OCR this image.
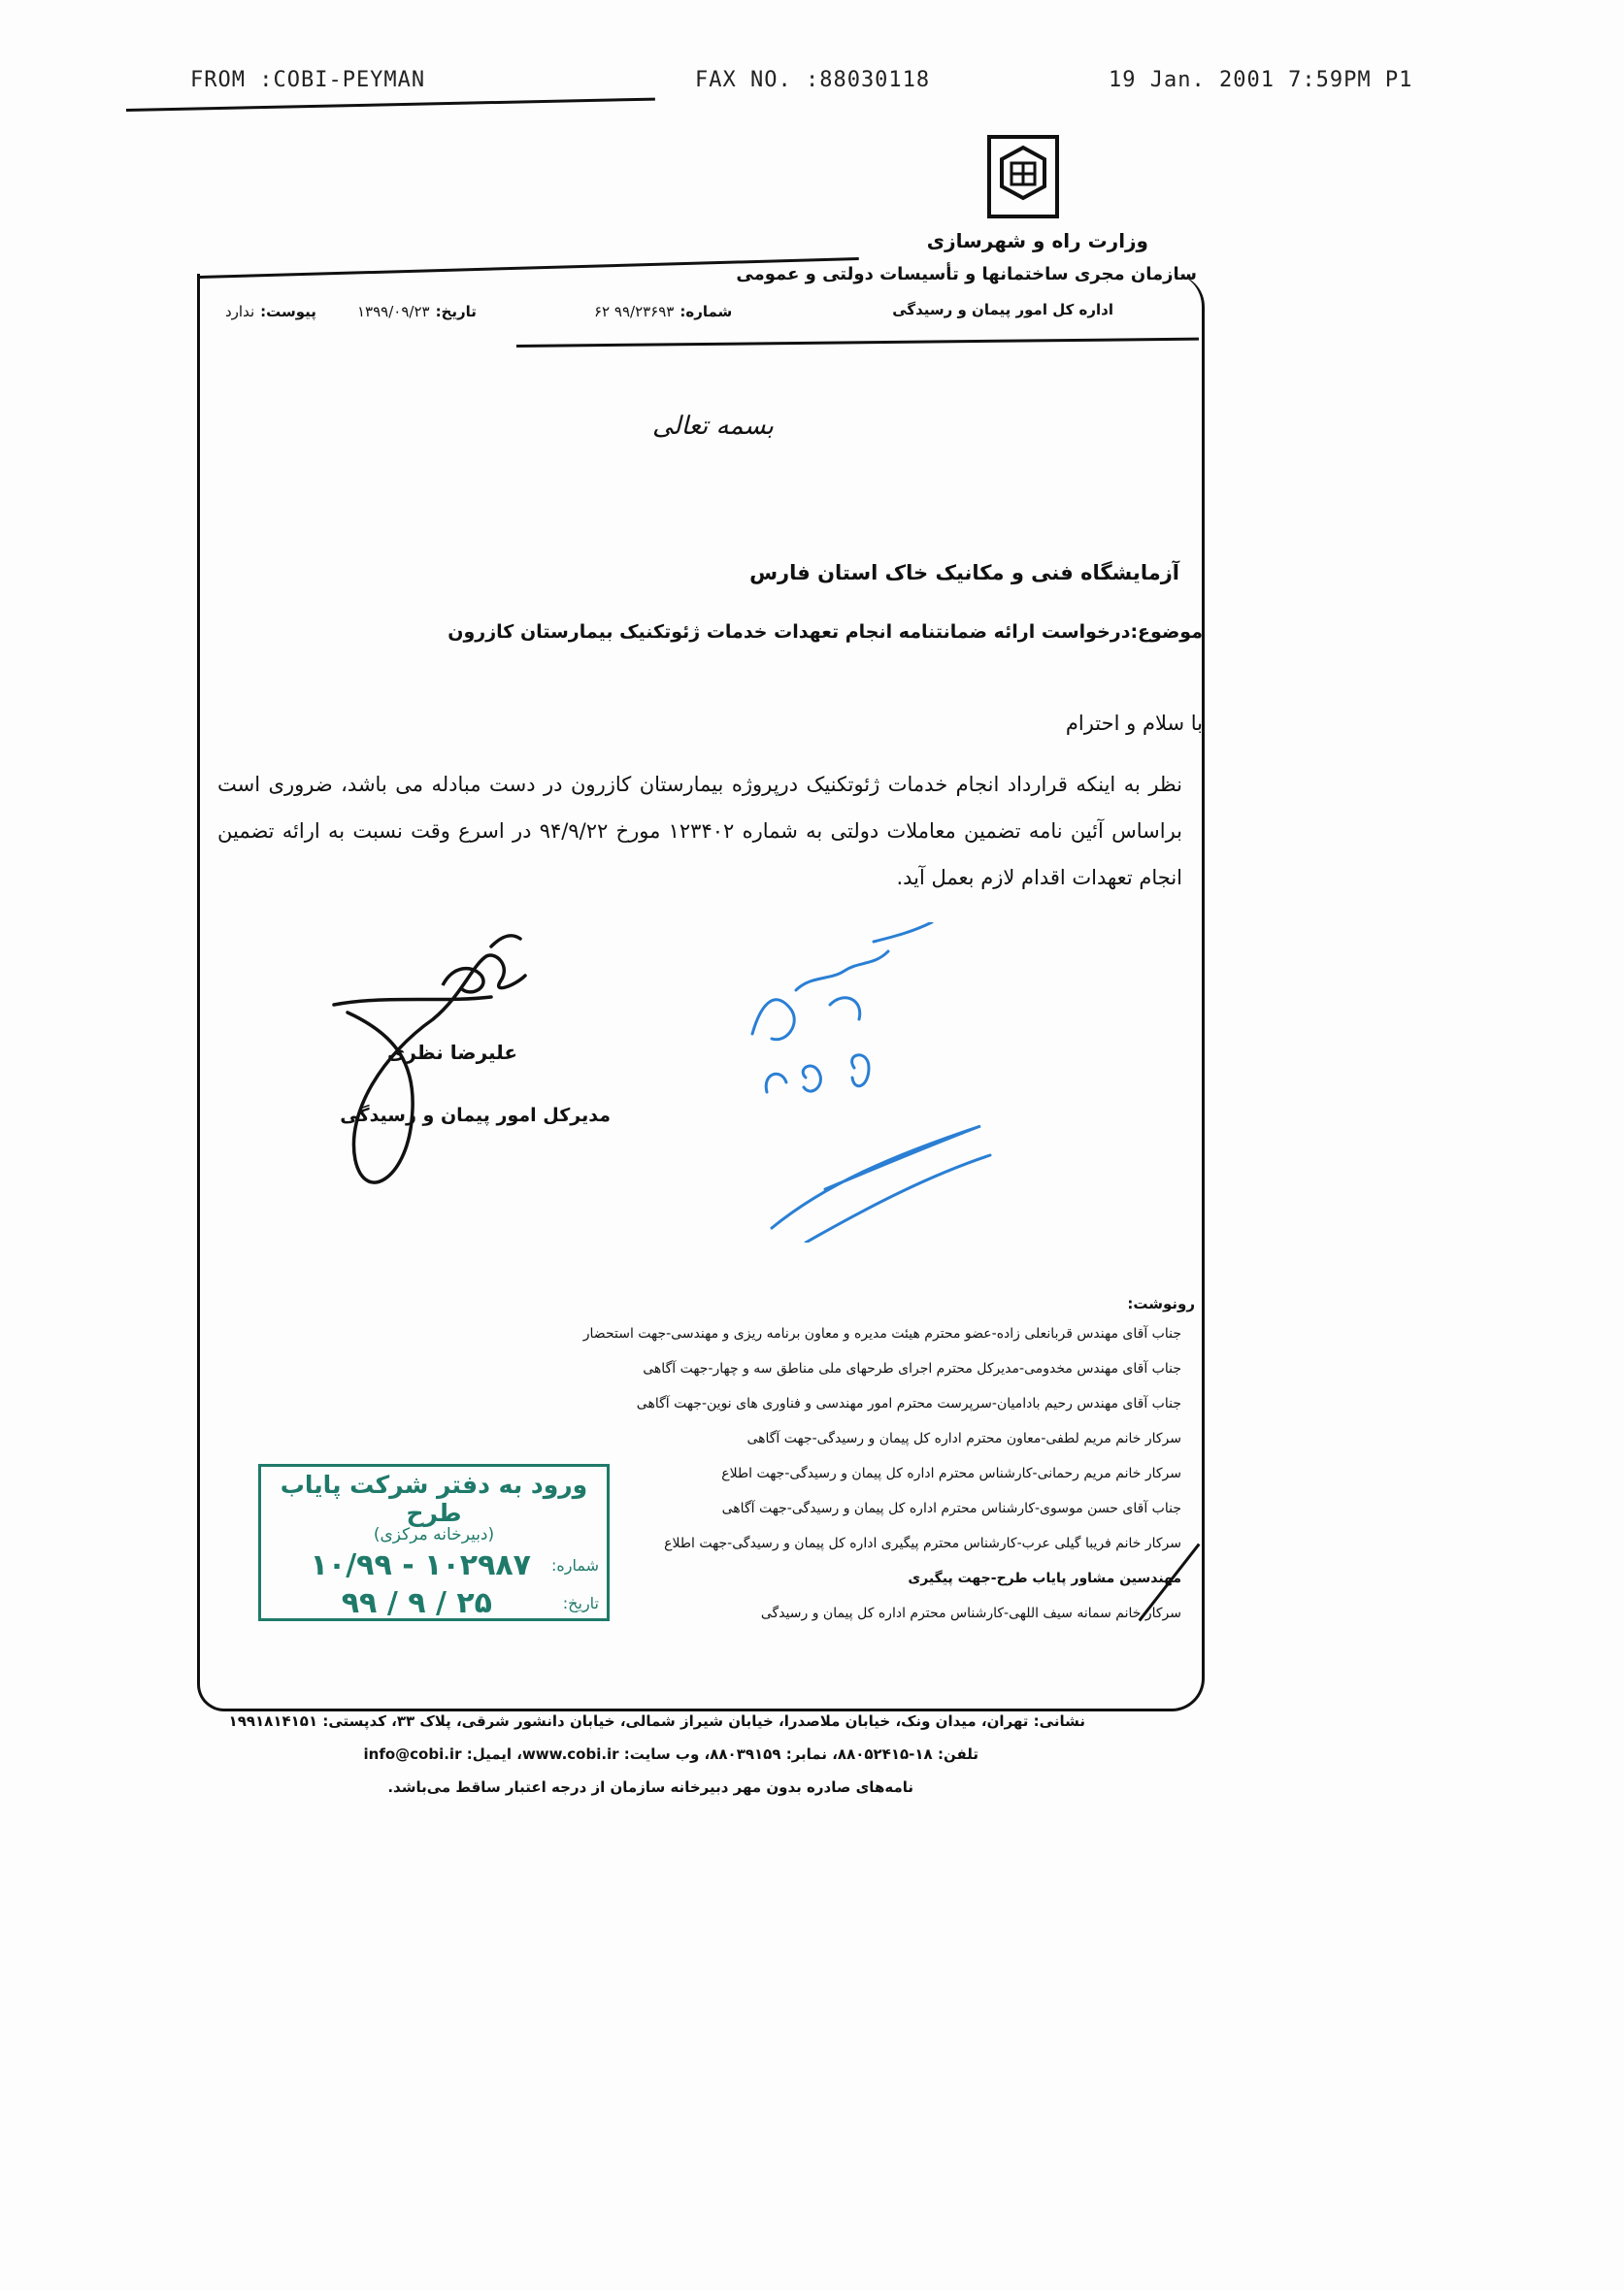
FROM :COBI-PEYMAN	FAX NO. :88030118	19 Jan. 2001 7:59PM P1
وزارت راه و شهرسازی
سازمان مجری ساختمانها و تأسیسات دولتی و عمومی
اداره کل امور پیمان و رسیدگی
شماره:۹۹/۲۳۶۹۳ ۶۲
تاریخ:۱۳۹۹/۰۹/۲۳
پیوست:ندارد
بسمه تعالی
آزمایشگاه فنی و مکانیک خاک استان فارس
موضوع:درخواست ارائه ضمانتنامه انجام تعهدات خدمات ژئوتکنیک بیمارستان کازرون
با سلام و احترام
نظر به اینکه قرارداد انجام خدمات ژئوتکنیک درپروژه بیمارستان کازرون در دست مبادله می باشد، ضروری است براساس آئین نامه تضمین معاملات دولتی به شماره ۱۲۳۴۰۲ مورخ ۹۴/۹/۲۲ در اسرع وقت نسبت به ارائه تضمین انجام تعهدات اقدام لازم بعمل آید.
علیرضا نظری
مدیرکل امور پیمان و رسیدگی
رونوشت:
جناب آقای مهندس قربانعلی زاده-عضو محترم هیئت مدیره و معاون برنامه ریزی و مهندسی-جهت استحضار
جناب آقای مهندس مخدومی-مدیرکل محترم اجرای طرحهای ملی مناطق سه و چهار-جهت آگاهی
جناب آقای مهندس رحیم بادامیان-سرپرست محترم امور مهندسی و فناوری های نوین-جهت آگاهی
سرکار خانم مریم لطفی-معاون محترم اداره کل پیمان و رسیدگی-جهت آگاهی
سرکار خانم مریم رحمانی-کارشناس محترم اداره کل پیمان و رسیدگی-جهت اطلاع
جناب آقای حسن موسوی-کارشناس محترم اداره کل پیمان و رسیدگی-جهت آگاهی
سرکار خانم فریبا گیلی عرب-کارشناس محترم پیگیری اداره کل پیمان و رسیدگی-جهت اطلاع
مهندسین مشاور پایاب طرح-جهت پیگیری
سرکار خانم سمانه سیف اللهی-کارشناس محترم اداره کل پیمان و رسیدگی
ورود به دفتر شرکت پایاب طرح
(دبیرخانه مرکزی)
شماره:
۱۰/۹۹ - ۱۰۲۹۸۷
تاریخ:
۹۹ / ۹ / ۲۵
نشانی: تهران، میدان ونک، خیابان ملاصدرا، خیابان شیراز شمالی، خیابان دانشور شرقی، پلاک ۳۳، کدپستی: ۱۹۹۱۸۱۴۱۵۱
تلفن: ۱۸-۸۸۰۵۲۴۱۵، نمابر: ۸۸۰۳۹۱۵۹، وب سایت: www.cobi.ir، ایمیل: info@cobi.ir
نامه‌های صادره بدون مهر دبیرخانه سازمان از درجه اعتبار ساقط می‌باشد.
